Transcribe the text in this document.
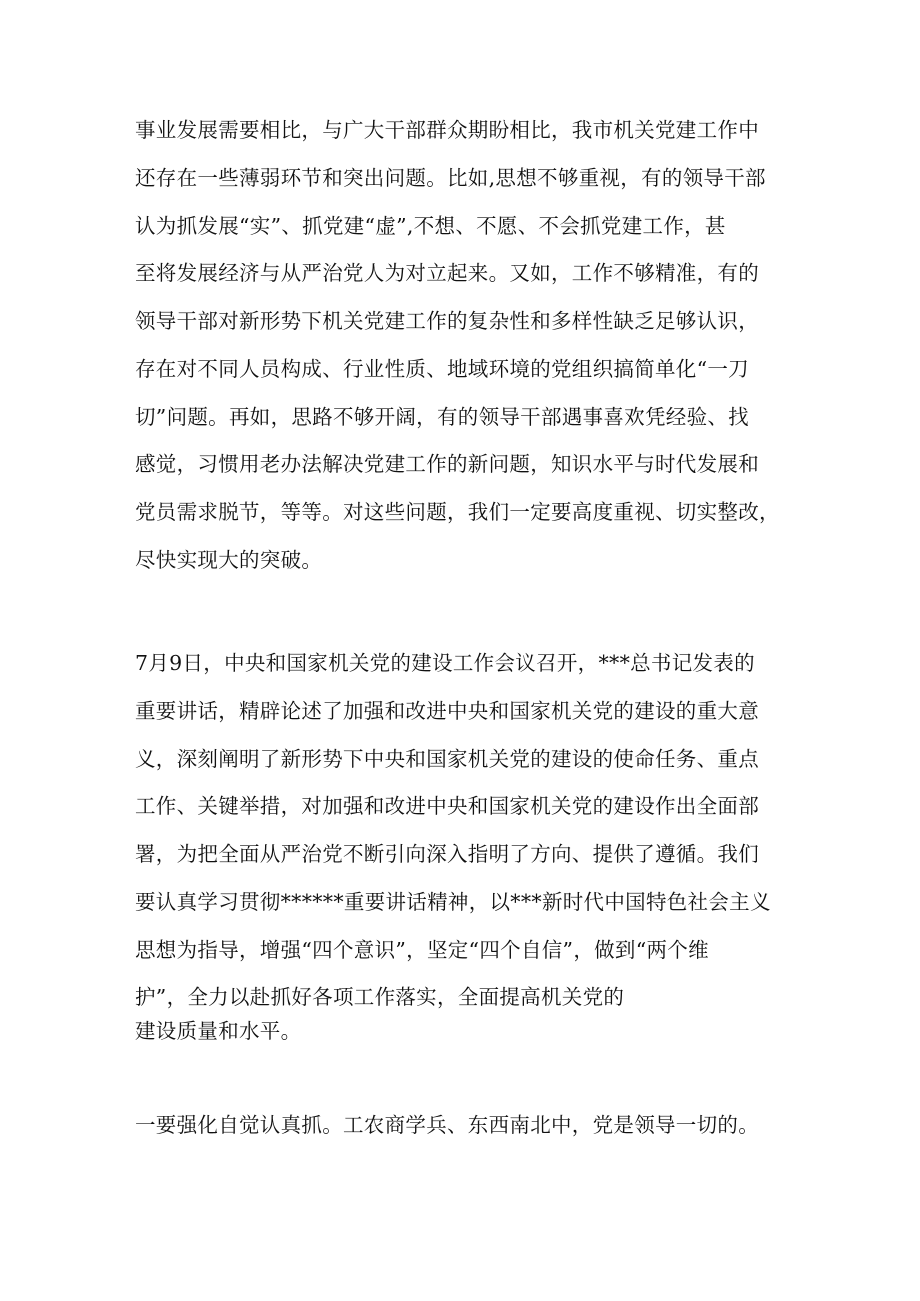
事业发展需要相比，与广大干部群众期盼相比，我市机关党建工作中

还存在一些薄弱环节和突出问题。比如,思想不够重视，有的领导干部

认为抓发展“实”、抓党建“虚”,不想、不愿、不会抓党建工作，甚

至将发展经济与从严治党人为对立起来。又如，工作不够精准，有的

领导干部对新形势下机关党建工作的复杂性和多样性缺乏足够认识，

存在对不同人员构成、行业性质、地域环境的党组织搞简单化“一刀

切”问题。再如，思路不够开阔，有的领导干部遇事喜欢凭经验、找

感觉，习惯用老办法解决党建工作的新问题，知识水平与时代发展和

党员需求脱节，等等。对这些问题，我们一定要高度重视、切实整改，

尽快实现大的突破。

7月9日，中央和国家机关党的建设工作会议召开，***总书记发表的

重要讲话，精辟论述了加强和改进中央和国家机关党的建设的重大意

义，深刻阐明了新形势下中央和国家机关党的建设的使命任务、重点

工作、关键举措，对加强和改进中央和国家机关党的建设作出全面部

署，为把全面从严治党不断引向深入指明了方向、提供了遵循。我们

要认真学习贯彻******重要讲话精神，以***新时代中国特色社会主义

思想为指导，增强“四个意识”，坚定“四个自信”，做到“两个维

护”，全力以赴抓好各项工作落实，全面提高机关党的

建设质量和水平。

一要强化自觉认真抓。工农商学兵、东西南北中，党是领导一切的。
